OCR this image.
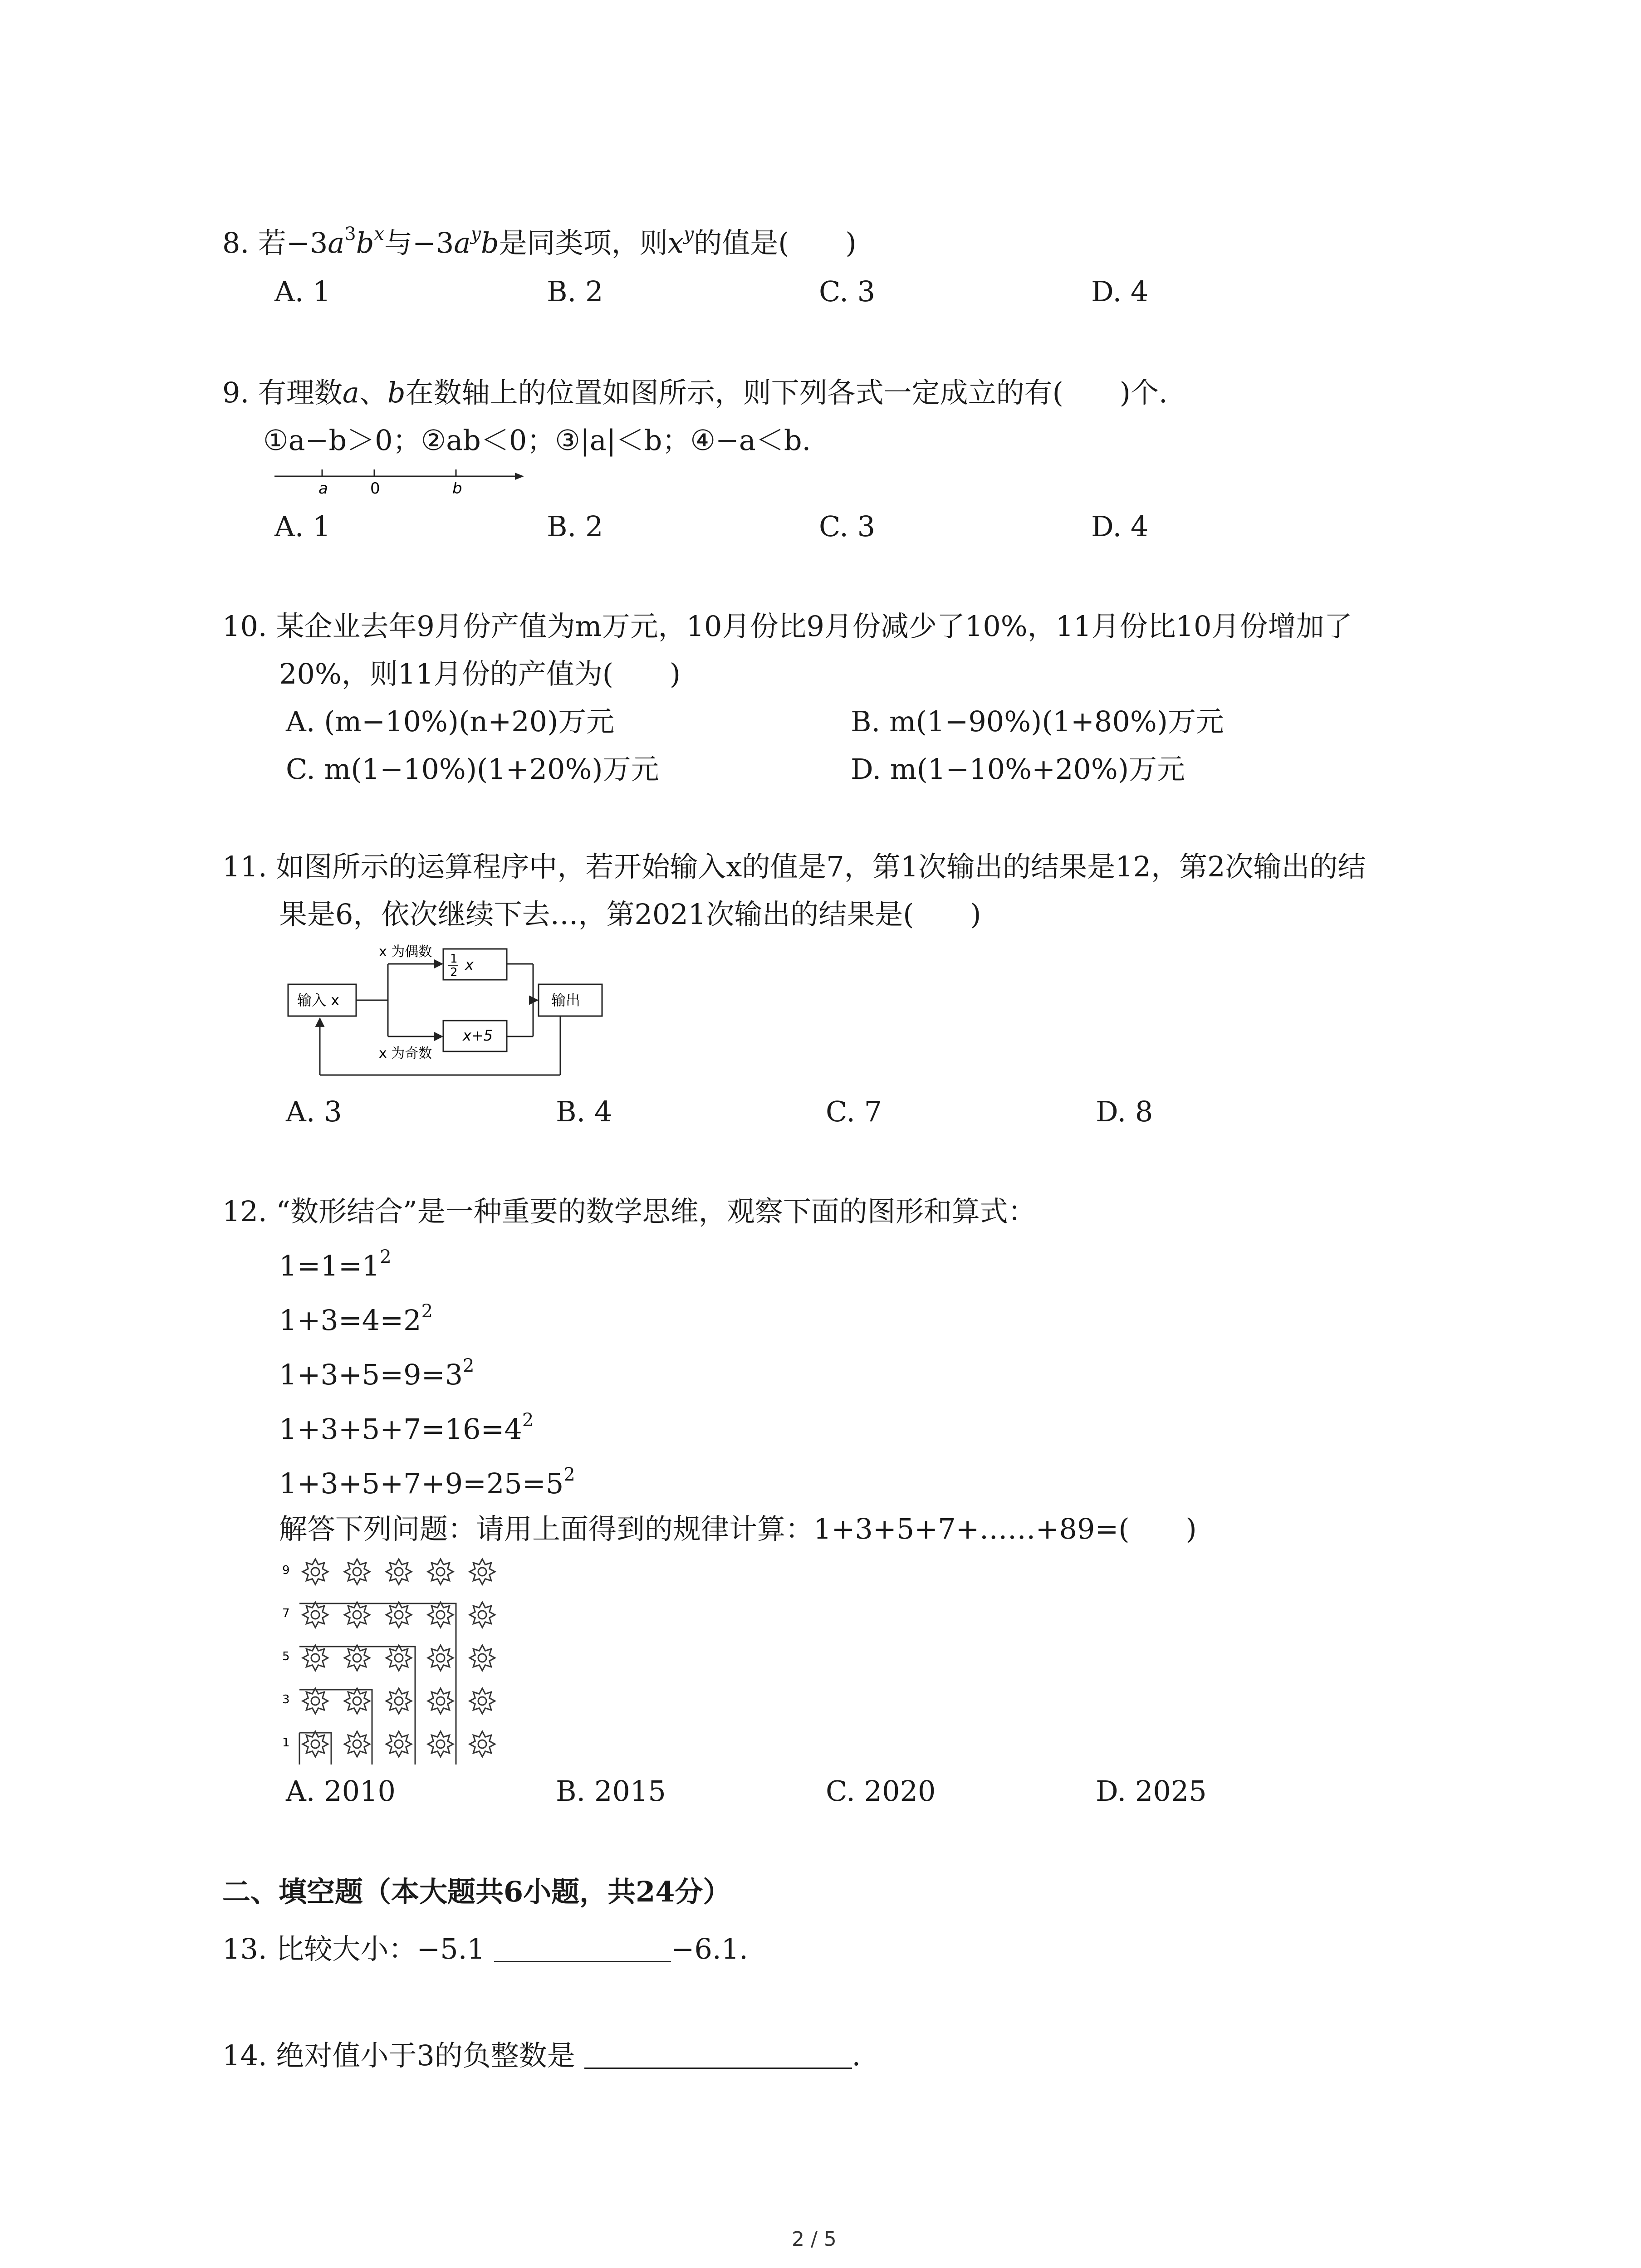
8. 若$-3a^3b^x$与$-3a^yb$是同类项，则$x^y$的值是(　　)
A. 1	B. 2	C. 3	D. 4
9. 有理数a、b在数轴上的位置如图所示，则下列各式一定成立的有(　　)个.
①a−b＞0；②ab＜0；③|a|＜b；④−a＜b.
a	0	b
A. 1	B. 2	C. 3	D. 4
10. 某企业去年9月份产值为m万元，10月份比9月份减少了10%，11月份比10月份增加了
20%，则11月份的产值为(　　)
A. (m−10%)(n+20)万元	B. m(1−90%)(1+80%)万元
C. m(1−10%)(1+20%)万元	D. m(1−10%+20%)万元
11. 如图所示的运算程序中，若开始输入x的值是7，第1次输出的结果是12，第2次输出的结
果是6，依次继续下去…，第2021次输出的结果是(　　)
输入 x
x 为偶数
x 为奇数
1
2 x
x+5
输出
A. 3	B. 4	C. 7	D. 8
12. “数形结合”是一种重要的数学思维，观察下面的图形和算式：
$1=1=1^2$
$1+3=4=2^2$
$1+3+5=9=3^2$
$1+3+5+7=16=4^2$
$1+3+5+7+9=25=5^2$
解答下列问题：请用上面得到的规律计算：1+3+5+7+……+89=(　　)
9
7
5
3
1
A. 2010	B. 2015	C. 2020	D. 2025
二、填空题（本大题共6小题，共24分）
13. 比较大小：−5.1	−6.1.
14. 绝对值小于3的负整数是	.
2 / 5
